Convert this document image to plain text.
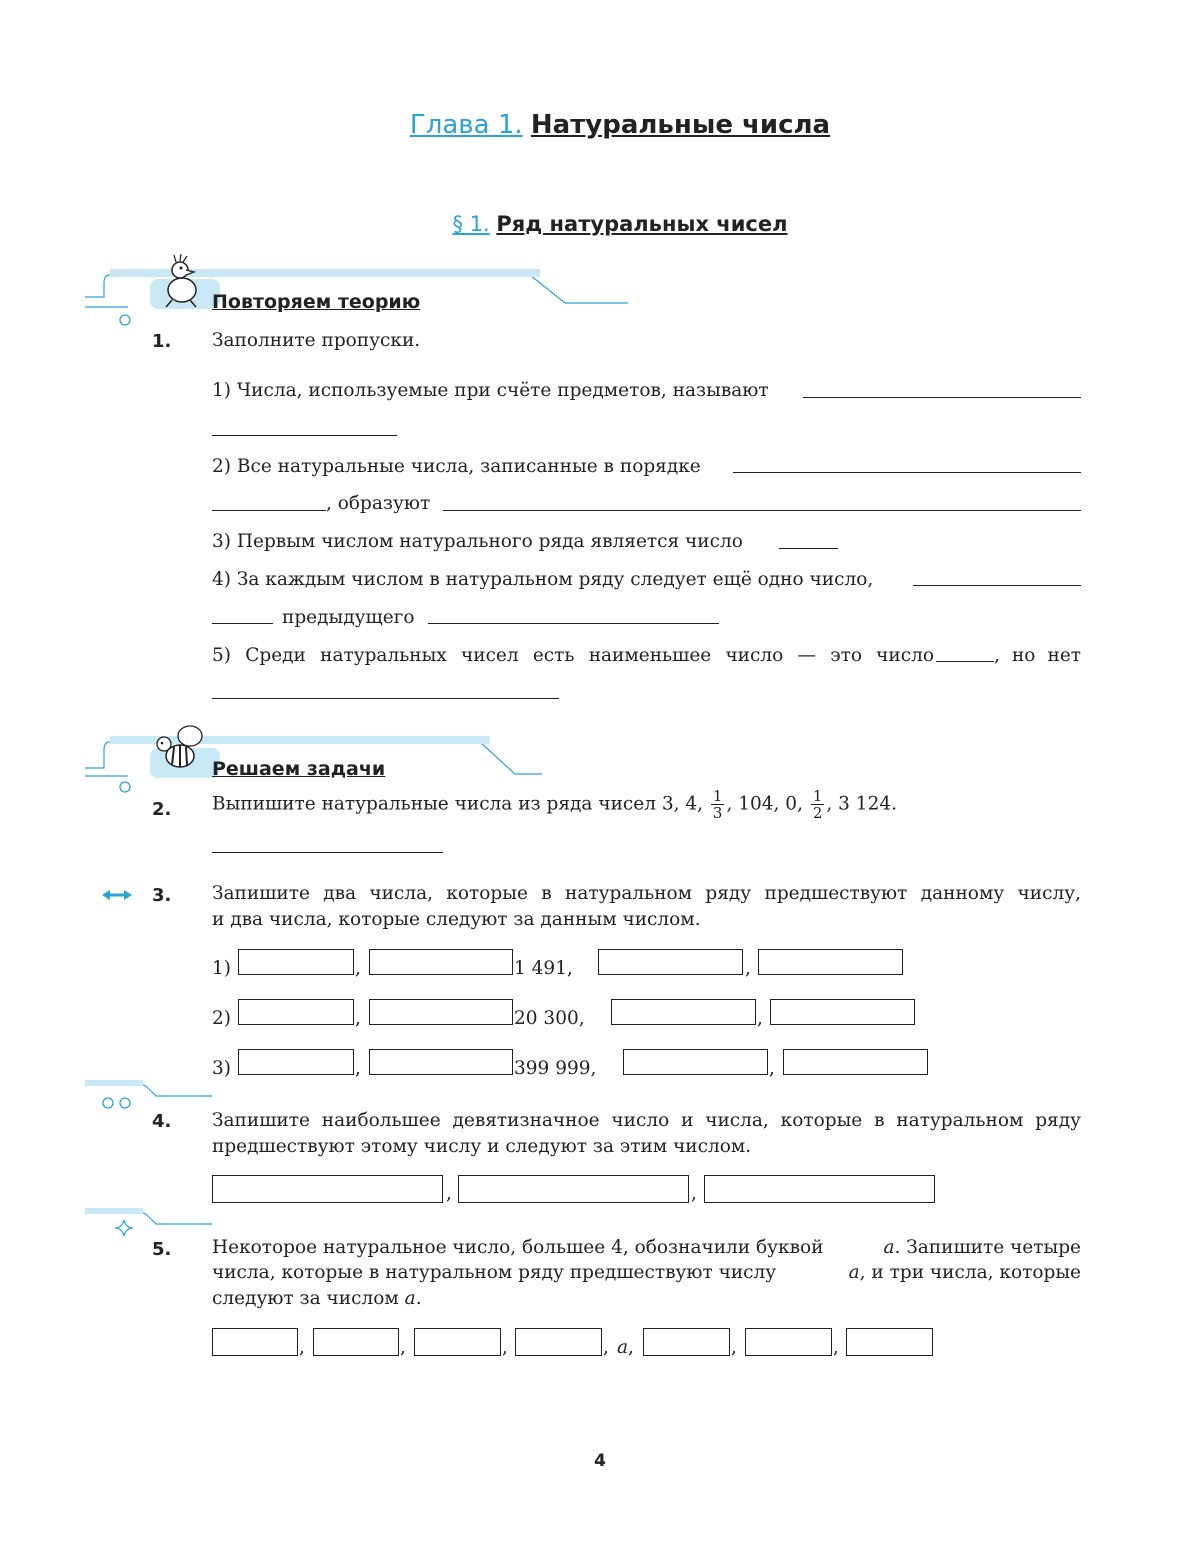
Глава 1. Натуральные числа
§ 1. Ряд натуральных чисел
Повторяем теорию
1. Заполните пропуски.
1) Числа, используемые при счёте предметов, называют
2) Все натуральные числа, записанные в порядке
, образуют
3) Первым числом натурального ряда является число
4) За каждым числом в натуральном ряду следует ещё одно число,
предыдущего
5) Среди натуральных чисел есть наименьшее число — это число	, но нет
Решаем задачи
2. Выпишите натуральные числа из ряда чисел 3, 4, $\frac{1}{3}$ , 104, 0, $\frac{1}{2}$ , 3 124.
3. Запишите два числа, которые в натуральном ряду предшествуют данному числу,
и два числа, которые следуют за данным числом.
1)	,	1 491,	,
2)	,	20 300,	,
3)	,	399 999,	,
4. Запишите наибольшее девятизначное число и числа, которые в натуральном ряду
предшествуют этому числу и следуют за этим числом.
,	,
5. Некоторое натуральное число, большее 4, обозначили буквой	a. Запишите четыре
числа, которые в натуральном ряду предшествуют числу	a, и три числа, которые
следуют за числом a.
,	,	,	, a ,	,	,
4
